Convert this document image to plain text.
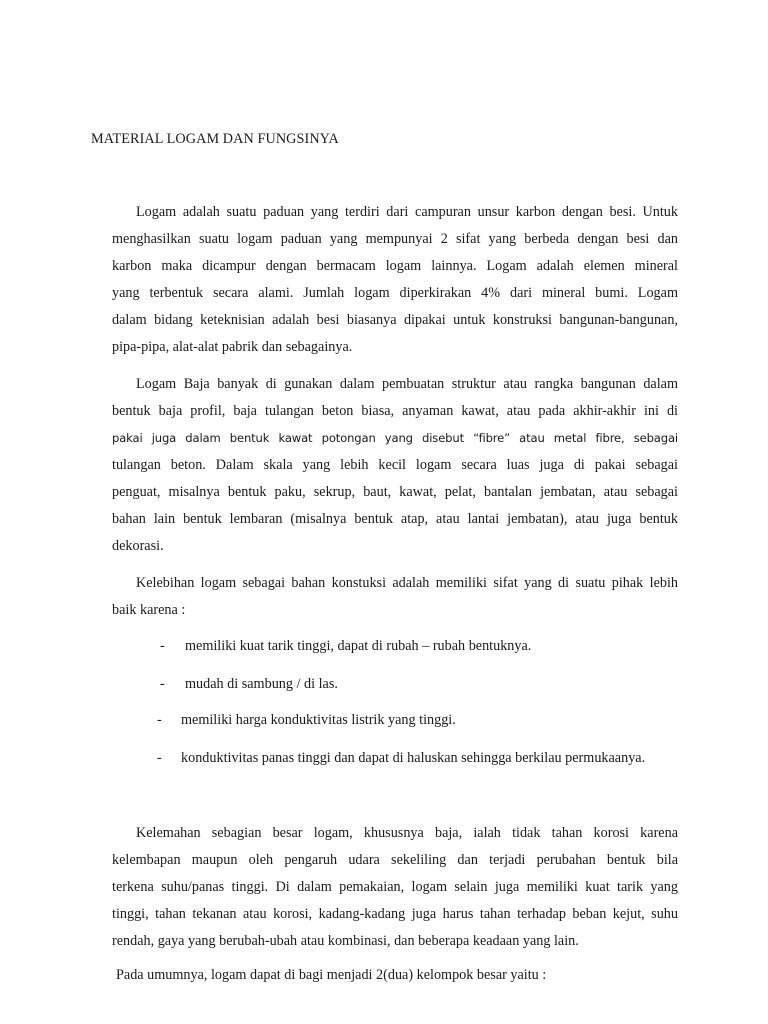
MATERIAL LOGAM DAN FUNGSINYA
Logam adalah suatu paduan yang terdiri dari campuran unsur karbon dengan besi. Untuk
menghasilkan suatu logam paduan yang mempunyai 2 sifat yang berbeda dengan besi dan
karbon maka dicampur dengan bermacam logam lainnya. Logam adalah elemen mineral
yang terbentuk secara alami. Jumlah logam diperkirakan 4% dari mineral bumi. Logam
dalam bidang keteknisian adalah besi biasanya dipakai untuk konstruksi bangunan-bangunan,
pipa-pipa, alat-alat pabrik dan sebagainya.
Logam Baja banyak di gunakan dalam pembuatan struktur atau rangka bangunan dalam
bentuk baja profil, baja tulangan beton biasa, anyaman kawat, atau pada akhir-akhir ini di
pakai juga dalam bentuk kawat potongan yang disebut “fibre” atau metal fibre, sebagai
tulangan beton. Dalam skala yang lebih kecil logam secara luas juga di pakai sebagai
penguat, misalnya bentuk paku, sekrup, baut, kawat, pelat, bantalan jembatan, atau sebagai
bahan lain bentuk lembaran (misalnya bentuk atap, atau lantai jembatan), atau juga bentuk
dekorasi.
Kelebihan logam sebagai bahan konstuksi adalah memiliki sifat yang di suatu pihak lebih
baik karena :
- memiliki kuat tarik tinggi, dapat di rubah – rubah bentuknya.
- mudah di sambung / di las.
- memiliki harga konduktivitas listrik yang tinggi.
- konduktivitas panas tinggi dan dapat di haluskan sehingga berkilau permukaanya.
Kelemahan sebagian besar logam, khususnya baja, ialah tidak tahan korosi karena
kelembapan maupun oleh pengaruh udara sekeliling dan terjadi perubahan bentuk bila
terkena suhu/panas tinggi. Di dalam pemakaian, logam selain juga memiliki kuat tarik yang
tinggi, tahan tekanan atau korosi, kadang-kadang juga harus tahan terhadap beban kejut, suhu
rendah, gaya yang berubah-ubah atau kombinasi, dan beberapa keadaan yang lain.
Pada umumnya, logam dapat di bagi menjadi 2(dua) kelompok besar yaitu :
